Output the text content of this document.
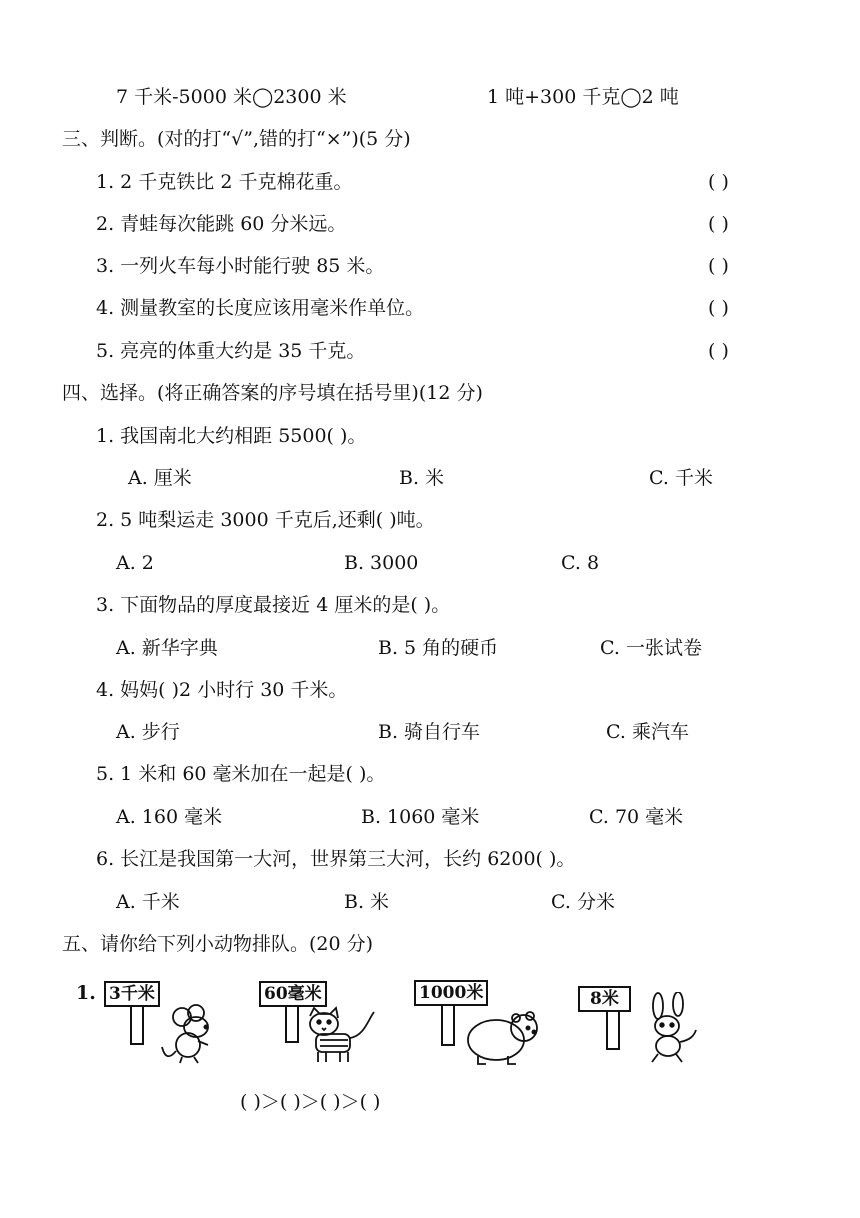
7 千米-5000 米◯2300 米	1 吨+300 千克◯2 吨
三、判断。(对的打“√”,错的打“×”)(5 分)
1. 2 千克铁比 2 千克棉花重。	( )
2. 青蛙每次能跳 60 分米远。	( )
3. 一列火车每小时能行驶 85 米。	( )
4. 测量教室的长度应该用毫米作单位。	( )
5. 亮亮的体重大约是 35 千克。	( )
四、选择。(将正确答案的序号填在括号里)(12 分)
1. 我国南北大约相距 5500( )。
A. 厘米	B. 米	C. 千米
2. 5 吨梨运走 3000 千克后,还剩( )吨。
A. 2	B. 3000	C. 8
3. 下面物品的厚度最接近 4 厘米的是( )。
A. 新华字典	B. 5 角的硬币	C. 一张试卷
4. 妈妈( )2 小时行 30 千米。
A. 步行	B. 骑自行车	C. 乘汽车
5. 1 米和 60 毫米加在一起是( )。
A. 160 毫米	B. 1060 毫米	C. 70 毫米
6. 长江是我国第一大河，世界第三大河，长约 6200( )。
A. 千米	B. 米	C. 分米
五、请你给下列小动物排队。(20 分)
1. 3千米	60毫米	1000米	8米
( )＞( )＞( )＞( )
